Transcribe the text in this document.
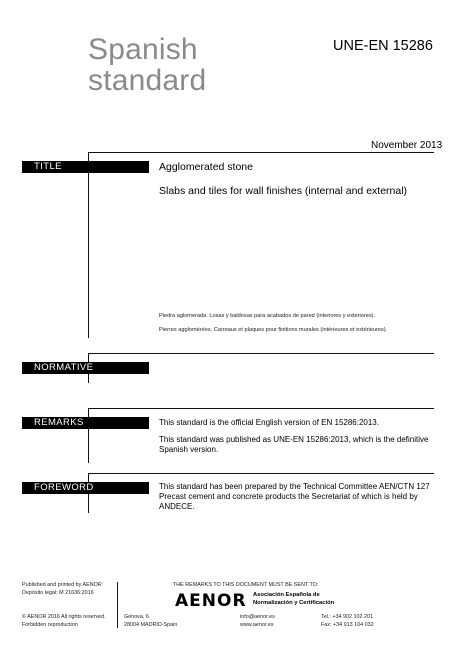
Spanish
standard
UNE-EN 15286
November 2013
TITLE	Agglomerated stone
Slabs and tiles for wall finishes (internal and external)
Piedra aglomerada. Losas y baldosas para acabados de pared (interiores y exteriores).
Pierres agglomérées. Carreaux et plaques pour finitions murales (intérieures et extérieures).
NORMATIVE
REMARKS	This standard is the official English version of EN 15286:2013.
This standard was published as UNE-EN 15286:2013, which is the definitive Spanish version.
FOREWORD	This standard has been prepared by the Technical Committee AEN/CTN 127 Precast cement and concrete products the Secretariat of which is held by ANDECE.
Published and printed by AENOR
Depósito legal: M 21636:2016
© AENOR 2016 All rights reserved.
Forbidden reproduction
THE REMARKS TO THIS DOCUMENT MUST BE SENT TO:
AENOR Asociación Española de
Normalización y Certificación
Génova, 6
28004 MADRID-Spain
info@aenor.es
www.aenor.es
Tel.: +34 902 102 201
Fax: +34 913 104 032
